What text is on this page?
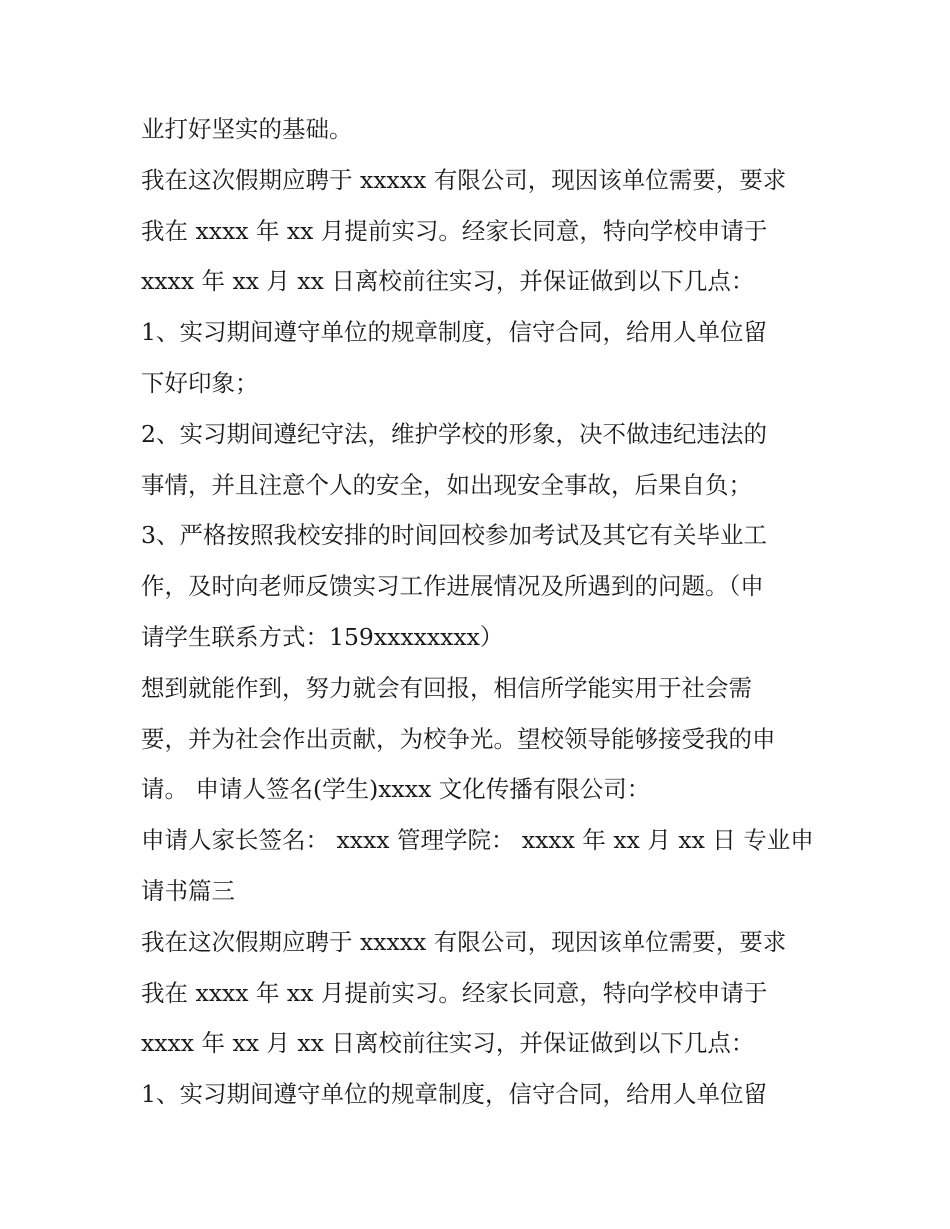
业打好坚实的基础。
我在这次假期应聘于 xxxxx 有限公司，现因该单位需要，要求
我在 xxxx 年 xx 月提前实习。经家长同意，特向学校申请于
xxxx 年 xx 月 xx 日离校前往实习，并保证做到以下几点：
1、实习期间遵守单位的规章制度，信守合同，给用人单位留
下好印象；
2、实习期间遵纪守法，维护学校的形象，决不做违纪违法的
事情，并且注意个人的安全，如出现安全事故，后果自负；
3、严格按照我校安排的时间回校参加考试及其它有关毕业工
作，及时向老师反馈实习工作进展情况及所遇到的问题。（申
请学生联系方式：159xxxxxxxx）
想到就能作到，努力就会有回报，相信所学能实用于社会需
要，并为社会作出贡献，为校争光。望校领导能够接受我的申
请。 申请人签名(学生)xxxx 文化传播有限公司：
申请人家长签名： xxxx 管理学院： xxxx 年 xx 月 xx 日 专业申
请书篇三
我在这次假期应聘于 xxxxx 有限公司，现因该单位需要，要求
我在 xxxx 年 xx 月提前实习。经家长同意，特向学校申请于
xxxx 年 xx 月 xx 日离校前往实习，并保证做到以下几点：
1、实习期间遵守单位的规章制度，信守合同，给用人单位留
